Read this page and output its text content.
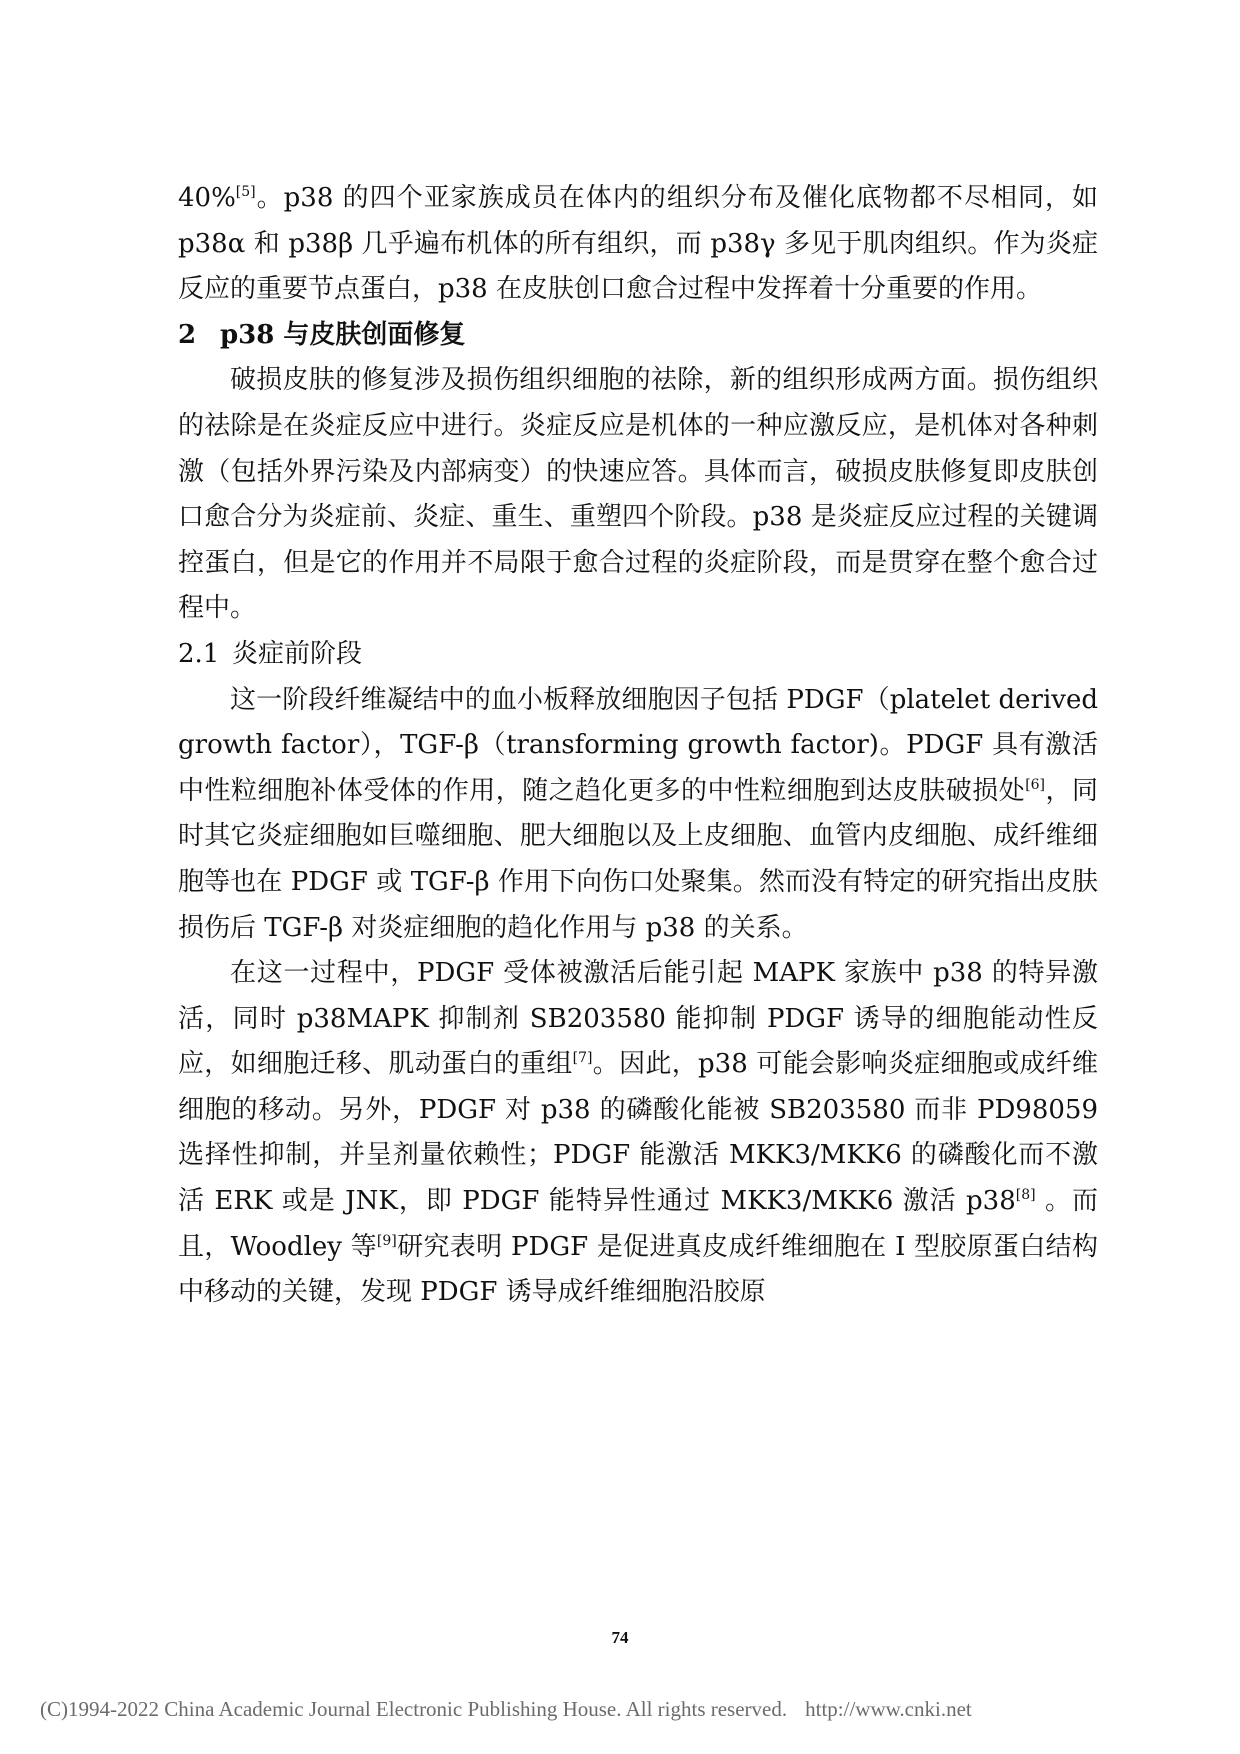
40%[5]。p38 的四个亚家族成员在体内的组织分布及催化底物都不尽相同，如 p38α 和 p38β 几乎遍布机体的所有组织，而 p38γ 多见于肌肉组织。作为炎症反应的重要节点蛋白，p38 在皮肤创口愈合过程中发挥着十分重要的作用。

2 p38 与皮肤创面修复

破损皮肤的修复涉及损伤组织细胞的祛除，新的组织形成两方面。损伤组织的祛除是在炎症反应中进行。炎症反应是机体的一种应激反应，是机体对各种刺激（包括外界污染及内部病变）的快速应答。具体而言，破损皮肤修复即皮肤创口愈合分为炎症前、炎症、重生、重塑四个阶段。p38 是炎症反应过程的关键调控蛋白，但是它的作用并不局限于愈合过程的炎症阶段，而是贯穿在整个愈合过程中。

2.1 炎症前阶段

这一阶段纤维凝结中的血小板释放细胞因子包括 PDGF（platelet derived growth factor），TGF-β（transforming growth factor)。PDGF 具有激活中性粒细胞补体受体的作用，随之趋化更多的中性粒细胞到达皮肤破损处[6]，同时其它炎症细胞如巨噬细胞、肥大细胞以及上皮细胞、血管内皮细胞、成纤维细胞等也在 PDGF 或 TGF-β 作用下向伤口处聚集。然而没有特定的研究指出皮肤损伤后 TGF-β 对炎症细胞的趋化作用与 p38 的关系。

在这一过程中，PDGF 受体被激活后能引起 MAPK 家族中 p38 的特异激活，同时 p38MAPK 抑制剂 SB203580 能抑制 PDGF 诱导的细胞能动性反应，如细胞迁移、肌动蛋白的重组[7]。因此，p38 可能会影响炎症细胞或成纤维细胞的移动。另外，PDGF 对 p38 的磷酸化能被 SB203580 而非 PD98059 选择性抑制，并呈剂量依赖性；PDGF 能激活 MKK3/MKK6 的磷酸化而不激活 ERK 或是 JNK，即 PDGF 能特异性通过 MKK3/MKK6 激活 p38[8] 。而且，Woodley 等[9]研究表明 PDGF 是促进真皮成纤维细胞在 I 型胶原蛋白结构中移动的关键，发现 PDGF 诱导成纤维细胞沿胶原

74
(C)1994-2022 China Academic Journal Electronic Publishing House. All rights reserved. http://www.cnki.net
